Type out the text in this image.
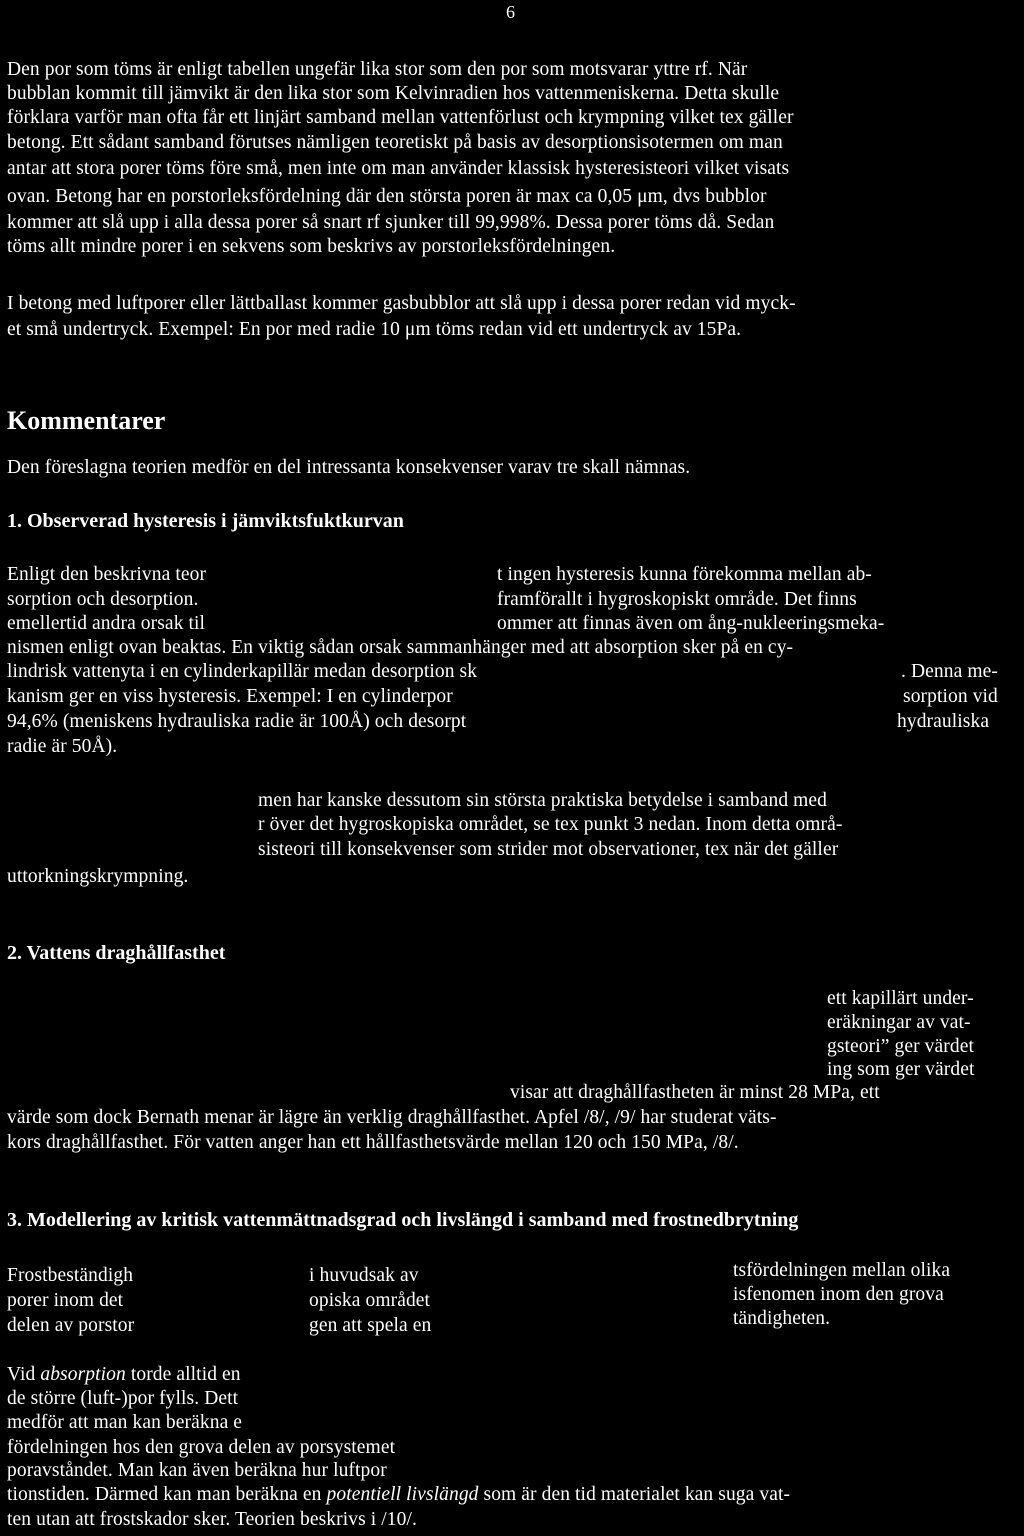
6
Den por som töms är enligt tabellen ungefär lika stor som den por som motsvarar yttre rf. När
bubblan kommit till jämvikt är den lika stor som Kelvinradien hos vattenmeniskerna. Detta skulle
förklara varför man ofta får ett linjärt samband mellan vattenförlust och krympning vilket tex gäller
betong. Ett sådant samband förutses nämligen teoretiskt på basis av desorptionsisotermen om man
antar att stora porer töms före små, men inte om man använder klassisk hysteresisteori vilket visats
ovan. Betong har en porstorleksfördelning där den största poren är max ca 0,05 μm, dvs bubblor
kommer att slå upp i alla dessa porer så snart rf sjunker till 99,998%. Dessa porer töms då. Sedan
töms allt mindre porer i en sekvens som beskrivs av porstorleksfördelningen.
I betong med luftporer eller lättballast kommer gasbubblor att slå upp i dessa porer redan vid myck-
et små undertryck. Exempel: En por med radie 10 μm töms redan vid ett undertryck av 15Pa.
Kommentarer
Den föreslagna teorien medför en del intressanta konsekvenser varav tre skall nämnas.
1. Observerad hysteresis i jämviktsfuktkurvan
Enligt den beskrivna teor
sorption och desorption.
emellertid andra orsak til
t ingen hysteresis kunna förekomma mellan ab-
framförallt i hygroskopiskt område. Det finns
ommer att finnas även om ång-nukleeringsmeka-
nismen enligt ovan beaktas. En viktig sådan orsak sammanhänger med att absorption sker på en cy-
lindrisk vattenyta i en cylinderkapillär medan desorption sk	. Denna me-
kanism ger en viss hysteresis. Exempel: I en cylinderpor	sorption vid
94,6% (meniskens hydrauliska radie är 100Å) och desorpt	hydrauliska
radie är 50Å).
men har kanske dessutom sin största praktiska betydelse i samband med
r över det hygroskopiska området, se tex punkt 3 nedan. Inom detta områ-
sisteori till konsekvenser som strider mot observationer, tex när det gäller
uttorkningskrympning.
2. Vattens draghållfasthet
ett kapillärt under-
eräkningar av vat-
gsteori” ger värdet
ing som ger värdet
visar att draghållfastheten är minst 28 MPa, ett
värde som dock Bernath menar är lägre än verklig draghållfasthet. Apfel /8/, /9/ har studerat väts-
kors draghållfasthet. För vatten anger han ett hållfasthetsvärde mellan 120 och 150 MPa, /8/.
3. Modellering av kritisk vattenmättnadsgrad och livslängd i samband med frostnedbrytning
Frostbeständigh
porer inom det
delen av porstor
i huvudsak av
opiska området
gen att spela en
tsfördelningen mellan olika
isfenomen inom den grova
tändigheten.
Vid absorption torde alltid en
de större (luft-)por fylls. Dett
medför att man kan beräkna e
fördelningen hos den grova delen av porsystemet
poravståndet. Man kan även beräkna hur luftpor
tionstiden. Därmed kan man beräkna en potentiell livslängd som är den tid materialet kan suga vat-
ten utan att frostskador sker. Teorien beskrivs i /10/.
